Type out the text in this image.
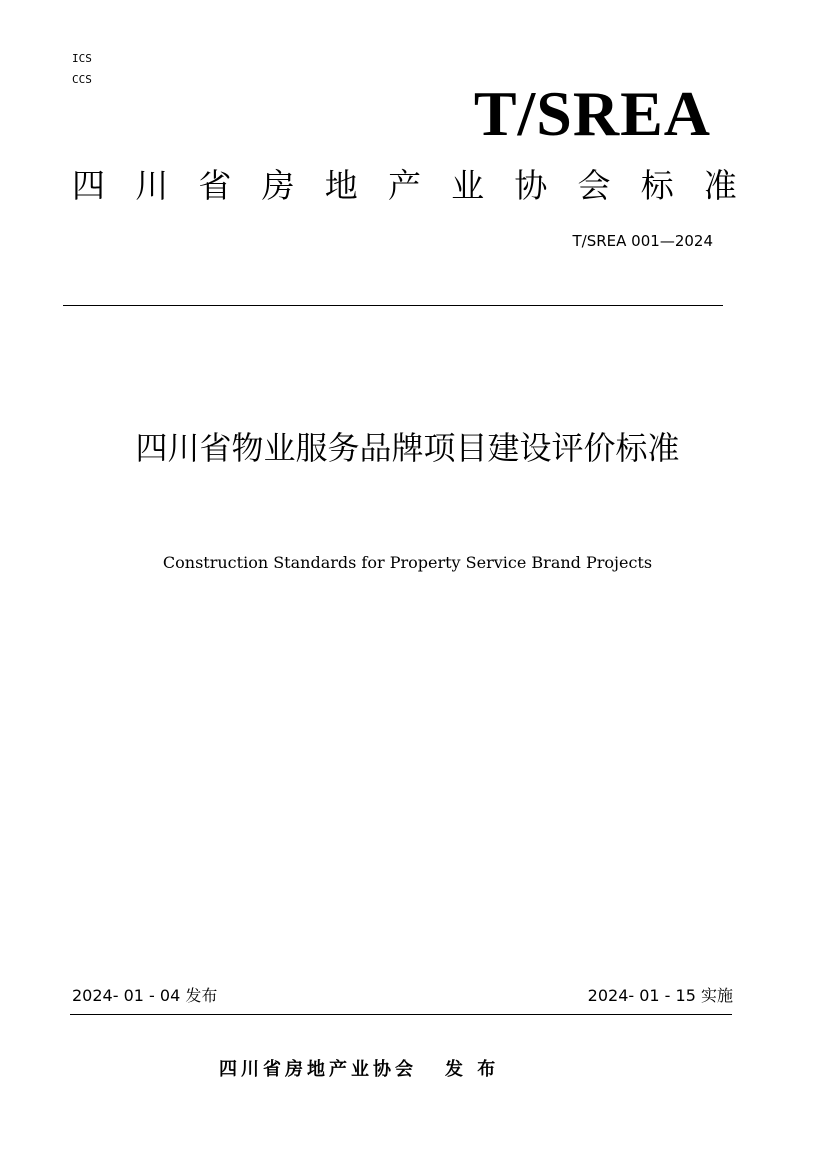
ICS
CCS	T/SREA
四 川 省 房 地 产 业 协 会 标 准
T/SREA 001—2024
四川省物业服务品牌项目建设评价标准
Construction Standards for Property Service Brand Projects
2024- 01 - 04 发布	2024- 01 - 15 实施
四川省房地产业协会 发 布
